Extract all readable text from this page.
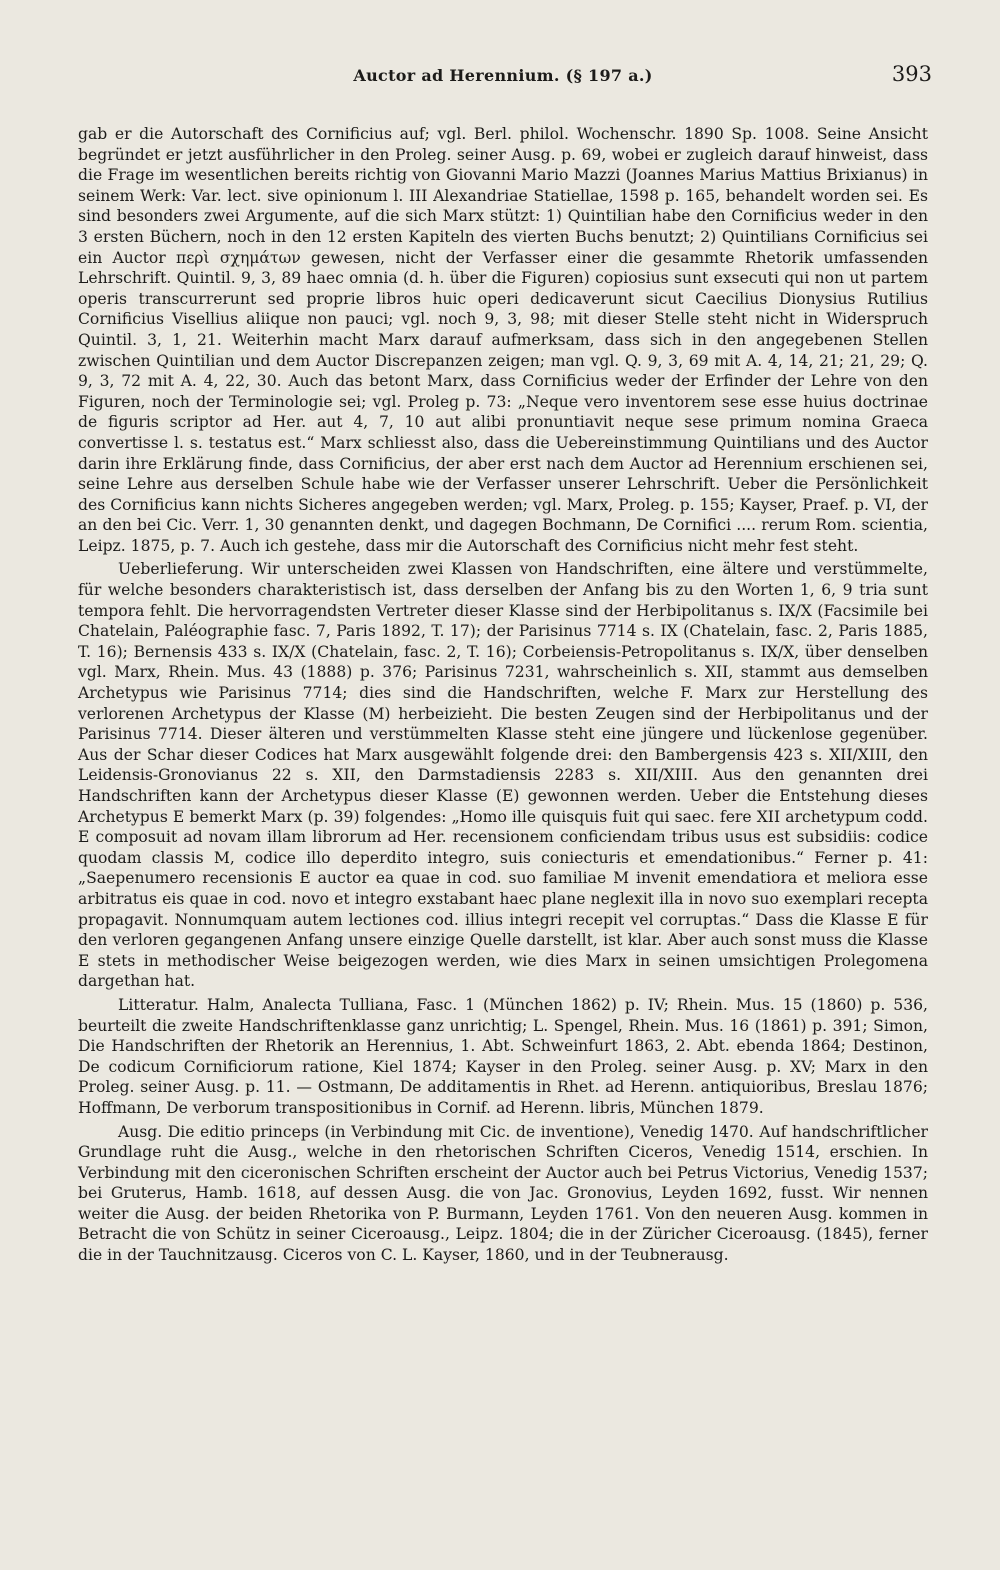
Auctor ad Herennium. (§ 197 a.)	393

gab er die Autorschaft des Cornificius auf; vgl. Berl. philol. Wochenschr. 1890 Sp. 1008. Seine Ansicht begründet er jetzt ausführlicher in den Proleg. seiner Ausg. p. 69, wobei er zugleich darauf hinweist, dass die Frage im wesentlichen bereits richtig von Giovanni Mario Mazzi (Joannes Marius Mattius Brixianus) in seinem Werk: Var. lect. sive opinionum l. III Alexandriae Statiellae, 1598 p. 165, behandelt worden sei. Es sind besonders zwei Argumente, auf die sich Marx stützt: 1) Quintilian habe den Cornificius weder in den 3 ersten Büchern, noch in den 12 ersten Kapiteln des vierten Buchs benutzt; 2) Quintilians Cornificius sei ein Auctor περὶ σχημάτων gewesen, nicht der Verfasser einer die gesammte Rhetorik umfassenden Lehrschrift. Quintil. 9, 3, 89 haec omnia (d. h. über die Figuren) copiosius sunt exsecuti qui non ut partem operis transcurrerunt sed proprie libros huic operi dedicaverunt sicut Caecilius Dionysius Rutilius Cornificius Visellius aliique non pauci; vgl. noch 9, 3, 98; mit dieser Stelle steht nicht in Widerspruch Quintil. 3, 1, 21. Weiterhin macht Marx darauf aufmerksam, dass sich in den angegebenen Stellen zwischen Quintilian und dem Auctor Discrepanzen zeigen; man vgl. Q. 9, 3, 69 mit A. 4, 14, 21; 21, 29; Q. 9, 3, 72 mit A. 4, 22, 30. Auch das betont Marx, dass Cornificius weder der Erfinder der Lehre von den Figuren, noch der Terminologie sei; vgl. Proleg p. 73: „Neque vero inventorem sese esse huius doctrinae de figuris scriptor ad Her. aut 4, 7, 10 aut alibi pronuntiavit neque sese primum nomina Graeca convertisse l. s. testatus est.“ Marx schliesst also, dass die Uebereinstimmung Quintilians und des Auctor darin ihre Erklärung finde, dass Cornificius, der aber erst nach dem Auctor ad Herennium erschienen sei, seine Lehre aus derselben Schule habe wie der Verfasser unserer Lehrschrift. Ueber die Persönlichkeit des Cornificius kann nichts Sicheres angegeben werden; vgl. Marx, Proleg. p. 155; Kayser, Praef. p. VI, der an den bei Cic. Verr. 1, 30 genannten denkt, und dagegen Bochmann, De Cornifici .... rerum Rom. scientia, Leipz. 1875, p. 7. Auch ich gestehe, dass mir die Autorschaft des Cornificius nicht mehr fest steht.

Ueberlieferung. Wir unterscheiden zwei Klassen von Handschriften, eine ältere und verstümmelte, für welche besonders charakteristisch ist, dass derselben der Anfang bis zu den Worten 1, 6, 9 tria sunt tempora fehlt. Die hervorragendsten Vertreter dieser Klasse sind der Herbipolitanus s. IX/X (Facsimile bei Chatelain, Paléographie fasc. 7, Paris 1892, T. 17); der Parisinus 7714 s. IX (Chatelain, fasc. 2, Paris 1885, T. 16); Bernensis 433 s. IX/X (Chatelain, fasc. 2, T. 16); Corbeiensis-Petropolitanus s. IX/X, über denselben vgl. Marx, Rhein. Mus. 43 (1888) p. 376; Parisinus 7231, wahrscheinlich s. XII, stammt aus demselben Archetypus wie Parisinus 7714; dies sind die Handschriften, welche F. Marx zur Herstellung des verlorenen Archetypus der Klasse (M) herbeizieht. Die besten Zeugen sind der Herbipolitanus und der Parisinus 7714. Dieser älteren und verstümmelten Klasse steht eine jüngere und lückenlose gegenüber. Aus der Schar dieser Codices hat Marx ausgewählt folgende drei: den Bambergensis 423 s. XII/XIII, den Leidensis-Gronovianus 22 s. XII, den Darmstadiensis 2283 s. XII/XIII. Aus den genannten drei Handschriften kann der Archetypus dieser Klasse (E) gewonnen werden. Ueber die Entstehung dieses Archetypus E bemerkt Marx (p. 39) folgendes: „Homo ille quisquis fuit qui saec. fere XII archetypum codd. E composuit ad novam illam librorum ad Her. recensionem conficiendam tribus usus est subsidiis: codice quodam classis M, codice illo deperdito integro, suis coniecturis et emendationibus.“ Ferner p. 41: „Saepenumero recensionis E auctor ea quae in cod. suo familiae M invenit emendatiora et meliora esse arbitratus eis quae in cod. novo et integro exstabant haec plane neglexit illa in novo suo exemplari recepta propagavit. Nonnumquam autem lectiones cod. illius integri recepit vel corruptas.“ Dass die Klasse E für den verloren gegangenen Anfang unsere einzige Quelle darstellt, ist klar. Aber auch sonst muss die Klasse E stets in methodischer Weise beigezogen werden, wie dies Marx in seinen umsichtigen Prolegomena dargethan hat.

Litteratur. Halm, Analecta Tulliana, Fasc. 1 (München 1862) p. IV; Rhein. Mus. 15 (1860) p. 536, beurteilt die zweite Handschriftenklasse ganz unrichtig; L. Spengel, Rhein. Mus. 16 (1861) p. 391; Simon, Die Handschriften der Rhetorik an Herennius, 1. Abt. Schweinfurt 1863, 2. Abt. ebenda 1864; Destinon, De codicum Cornificiorum ratione, Kiel 1874; Kayser in den Proleg. seiner Ausg. p. XV; Marx in den Proleg. seiner Ausg. p. 11. — Ostmann, De additamentis in Rhet. ad Herenn. antiquioribus, Breslau 1876; Hoffmann, De verborum transpositionibus in Cornif. ad Herenn. libris, München 1879.

Ausg. Die editio princeps (in Verbindung mit Cic. de inventione), Venedig 1470. Auf handschriftlicher Grundlage ruht die Ausg., welche in den rhetorischen Schriften Ciceros, Venedig 1514, erschien. In Verbindung mit den ciceronischen Schriften erscheint der Auctor auch bei Petrus Victorius, Venedig 1537; bei Gruterus, Hamb. 1618, auf dessen Ausg. die von Jac. Gronovius, Leyden 1692, fusst. Wir nennen weiter die Ausg. der beiden Rhetorika von P. Burmann, Leyden 1761. Von den neueren Ausg. kommen in Betracht die von Schütz in seiner Ciceroausg., Leipz. 1804; die in der Züricher Ciceroausg. (1845), ferner die in der Tauchnitzausg. Ciceros von C. L. Kayser, 1860, und in der Teubnerausg.
